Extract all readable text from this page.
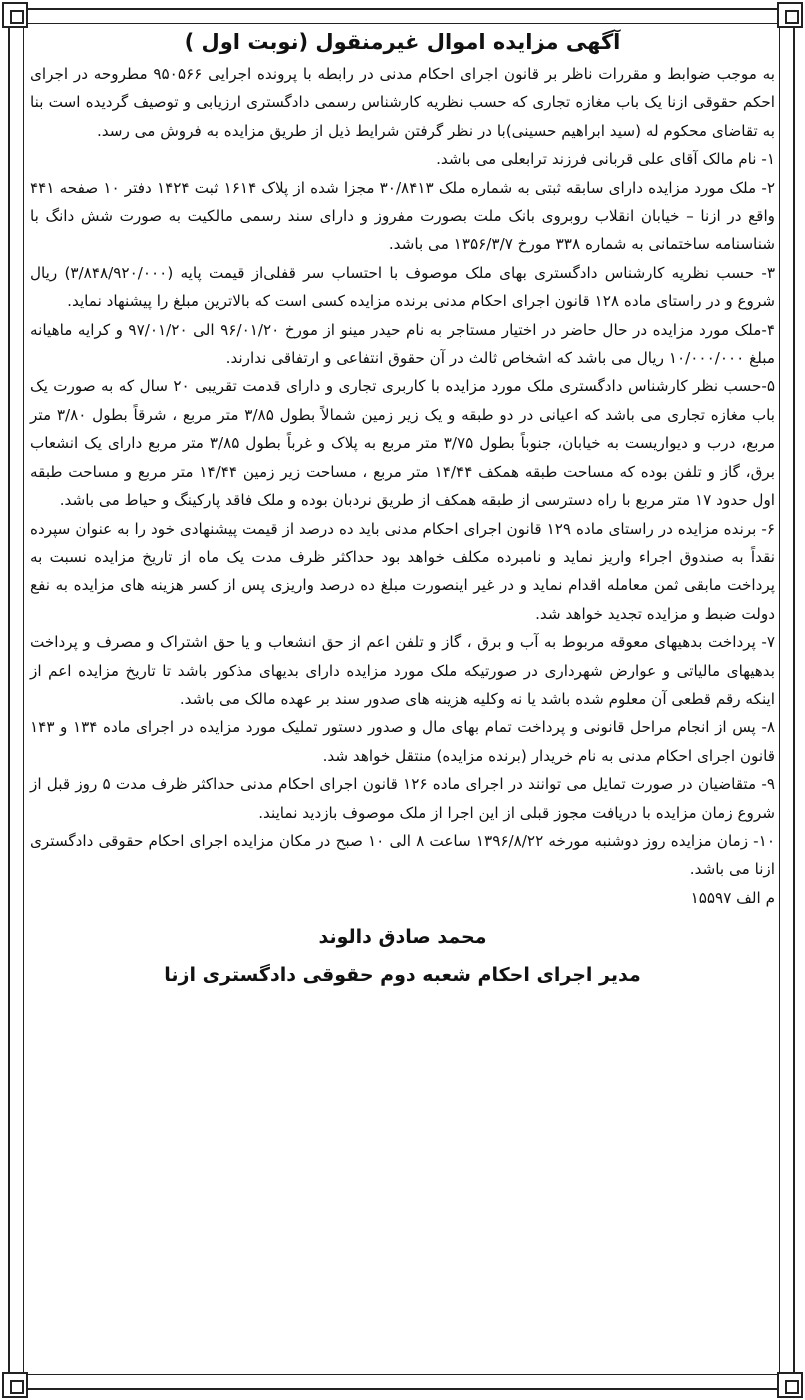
آگهی مزایده اموال غیرمنقول (نوبت اول )

به موجب ضوابط و مقررات ناظر بر قانون اجرای احکام مدنی در رابطه با پرونده اجرایی ۹۵۰۵۶۶ مطروحه در اجرای احکم حقوقی ازنا یک باب مغازه تجاری که حسب نظریه کارشناس رسمی دادگستری ارزیابی و توصیف گردیده است بنا به تقاضای محکوم له (سید ابراهیم حسینی)با در نظر گرفتن شرایط ذیل از طریق مزایده به فروش می رسد.

۱- نام مالک آقای علی قربانی فرزند ترابعلی می باشد.

۲- ملک مورد مزایده دارای سابقه ثبتی به شماره ملک ۳۰/۸۴۱۳ مجزا شده از پلاک ۱۶۱۴ ثبت ۱۴۲۴ دفتر ۱۰ صفحه ۴۴۱ واقع در ازنا – خیابان انقلاب روبروی بانک ملت بصورت مفروز و دارای سند رسمی مالکیت به صورت شش دانگ با شناسنامه ساختمانی به شماره ۳۳۸ مورخ ۱۳۵۶/۳/۷ می باشد.

۳- حسب نظریه کارشناس دادگستری بهای ملک موصوف با احتساب سر قفلی‌از قیمت پایه (۳/۸۴۸/۹۲۰/۰۰۰) ریال شروع و در راستای ماده ۱۲۸ قانون اجرای احکام مدنی برنده مزایده کسی است که بالاترین مبلغ را پیشنهاد نماید.

۴-ملک مورد مزایده در حال حاضر در اختیار مستاجر به نام حیدر مینو از مورخ ۹۶/۰۱/۲۰ الی ۹۷/۰۱/۲۰ و کرایه ماهیانه مبلغ ۱۰/۰۰۰/۰۰۰ ریال می باشد که اشخاص ثالث در آن حقوق انتفاعی و ارتفاقی ندارند.

۵-حسب نظر کارشناس دادگستری ملک مورد مزایده با کاربری تجاری و دارای قدمت تقریبی ۲۰ سال که به صورت یک باب مغازه تجاری می باشد که اعیانی در دو طبقه و یک زیر زمین شمالاً بطول ۳/۸۵ متر مربع ، شرقاً بطول ۳/۸۰ متر مربع، درب و دیواریست به خیابان، جنوباً بطول ۳/۷۵ متر مربع به پلاک و غرباً بطول ۳/۸۵ متر مربع دارای یک انشعاب برق، گاز و تلفن بوده که مساحت طبقه همکف ۱۴/۴۴ متر مربع ، مساحت زیر زمین ۱۴/۴۴ متر مربع و مساحت طبقه اول حدود ۱۷ متر مربع با راه دسترسی از طبقه همکف از طریق نردبان بوده و ملک فاقد پارکینگ و حیاط می باشد.

۶- برنده مزایده در راستای ماده ۱۲۹ قانون اجرای احکام مدنی باید ده درصد از قیمت پیشنهادی خود را به عنوان سپرده نقداً به صندوق اجراء واریز نماید و نامبرده مکلف خواهد بود حداکثر ظرف مدت یک ماه از تاریخ مزایده نسبت به پرداخت مابقی ثمن معامله اقدام نماید و در غیر اینصورت مبلغ ده درصد واریزی پس از کسر هزینه های مزایده به نفع دولت ضبط و مزایده تجدید خواهد شد.

۷- پرداخت بدهیهای معوقه مربوط به آب و برق ، گاز و تلفن اعم از حق انشعاب و یا حق اشتراک و مصرف و پرداخت بدهیهای مالیاتی و عوارض شهرداری در صورتیکه ملک مورد مزایده دارای بدیهای مذکور باشد تا تاریخ مزایده اعم از اینکه رقم قطعی آن معلوم شده باشد یا نه وکلیه هزینه های صدور سند بر عهده مالک می باشد.

۸- پس از انجام مراحل قانونی و پرداخت تمام بهای مال و صدور دستور تملیک مورد مزایده در اجرای ماده ۱۳۴ و ۱۴۳ قانون اجرای احکام مدنی به نام خریدار (برنده مزایده) منتقل خواهد شد.

۹- متقاضیان در صورت تمایل می توانند در اجرای ماده ۱۲۶ قانون اجرای احکام مدنی حداکثر ظرف مدت ۵ روز قبل از شروع زمان مزایده با دریافت مجوز قبلی از این اجرا از ملک موصوف بازدید نمایند.

۱۰- زمان مزایده روز دوشنبه مورخه ۱۳۹۶/۸/۲۲ ساعت ۸ الی ۱۰ صبح در مکان مزایده اجرای احکام حقوقی دادگستری ازنا می باشد.

م الف ۱۵۵۹۷

محمد صادق دالوند
مدیر اجرای احکام شعبه دوم حقوقی دادگستری ازنا
